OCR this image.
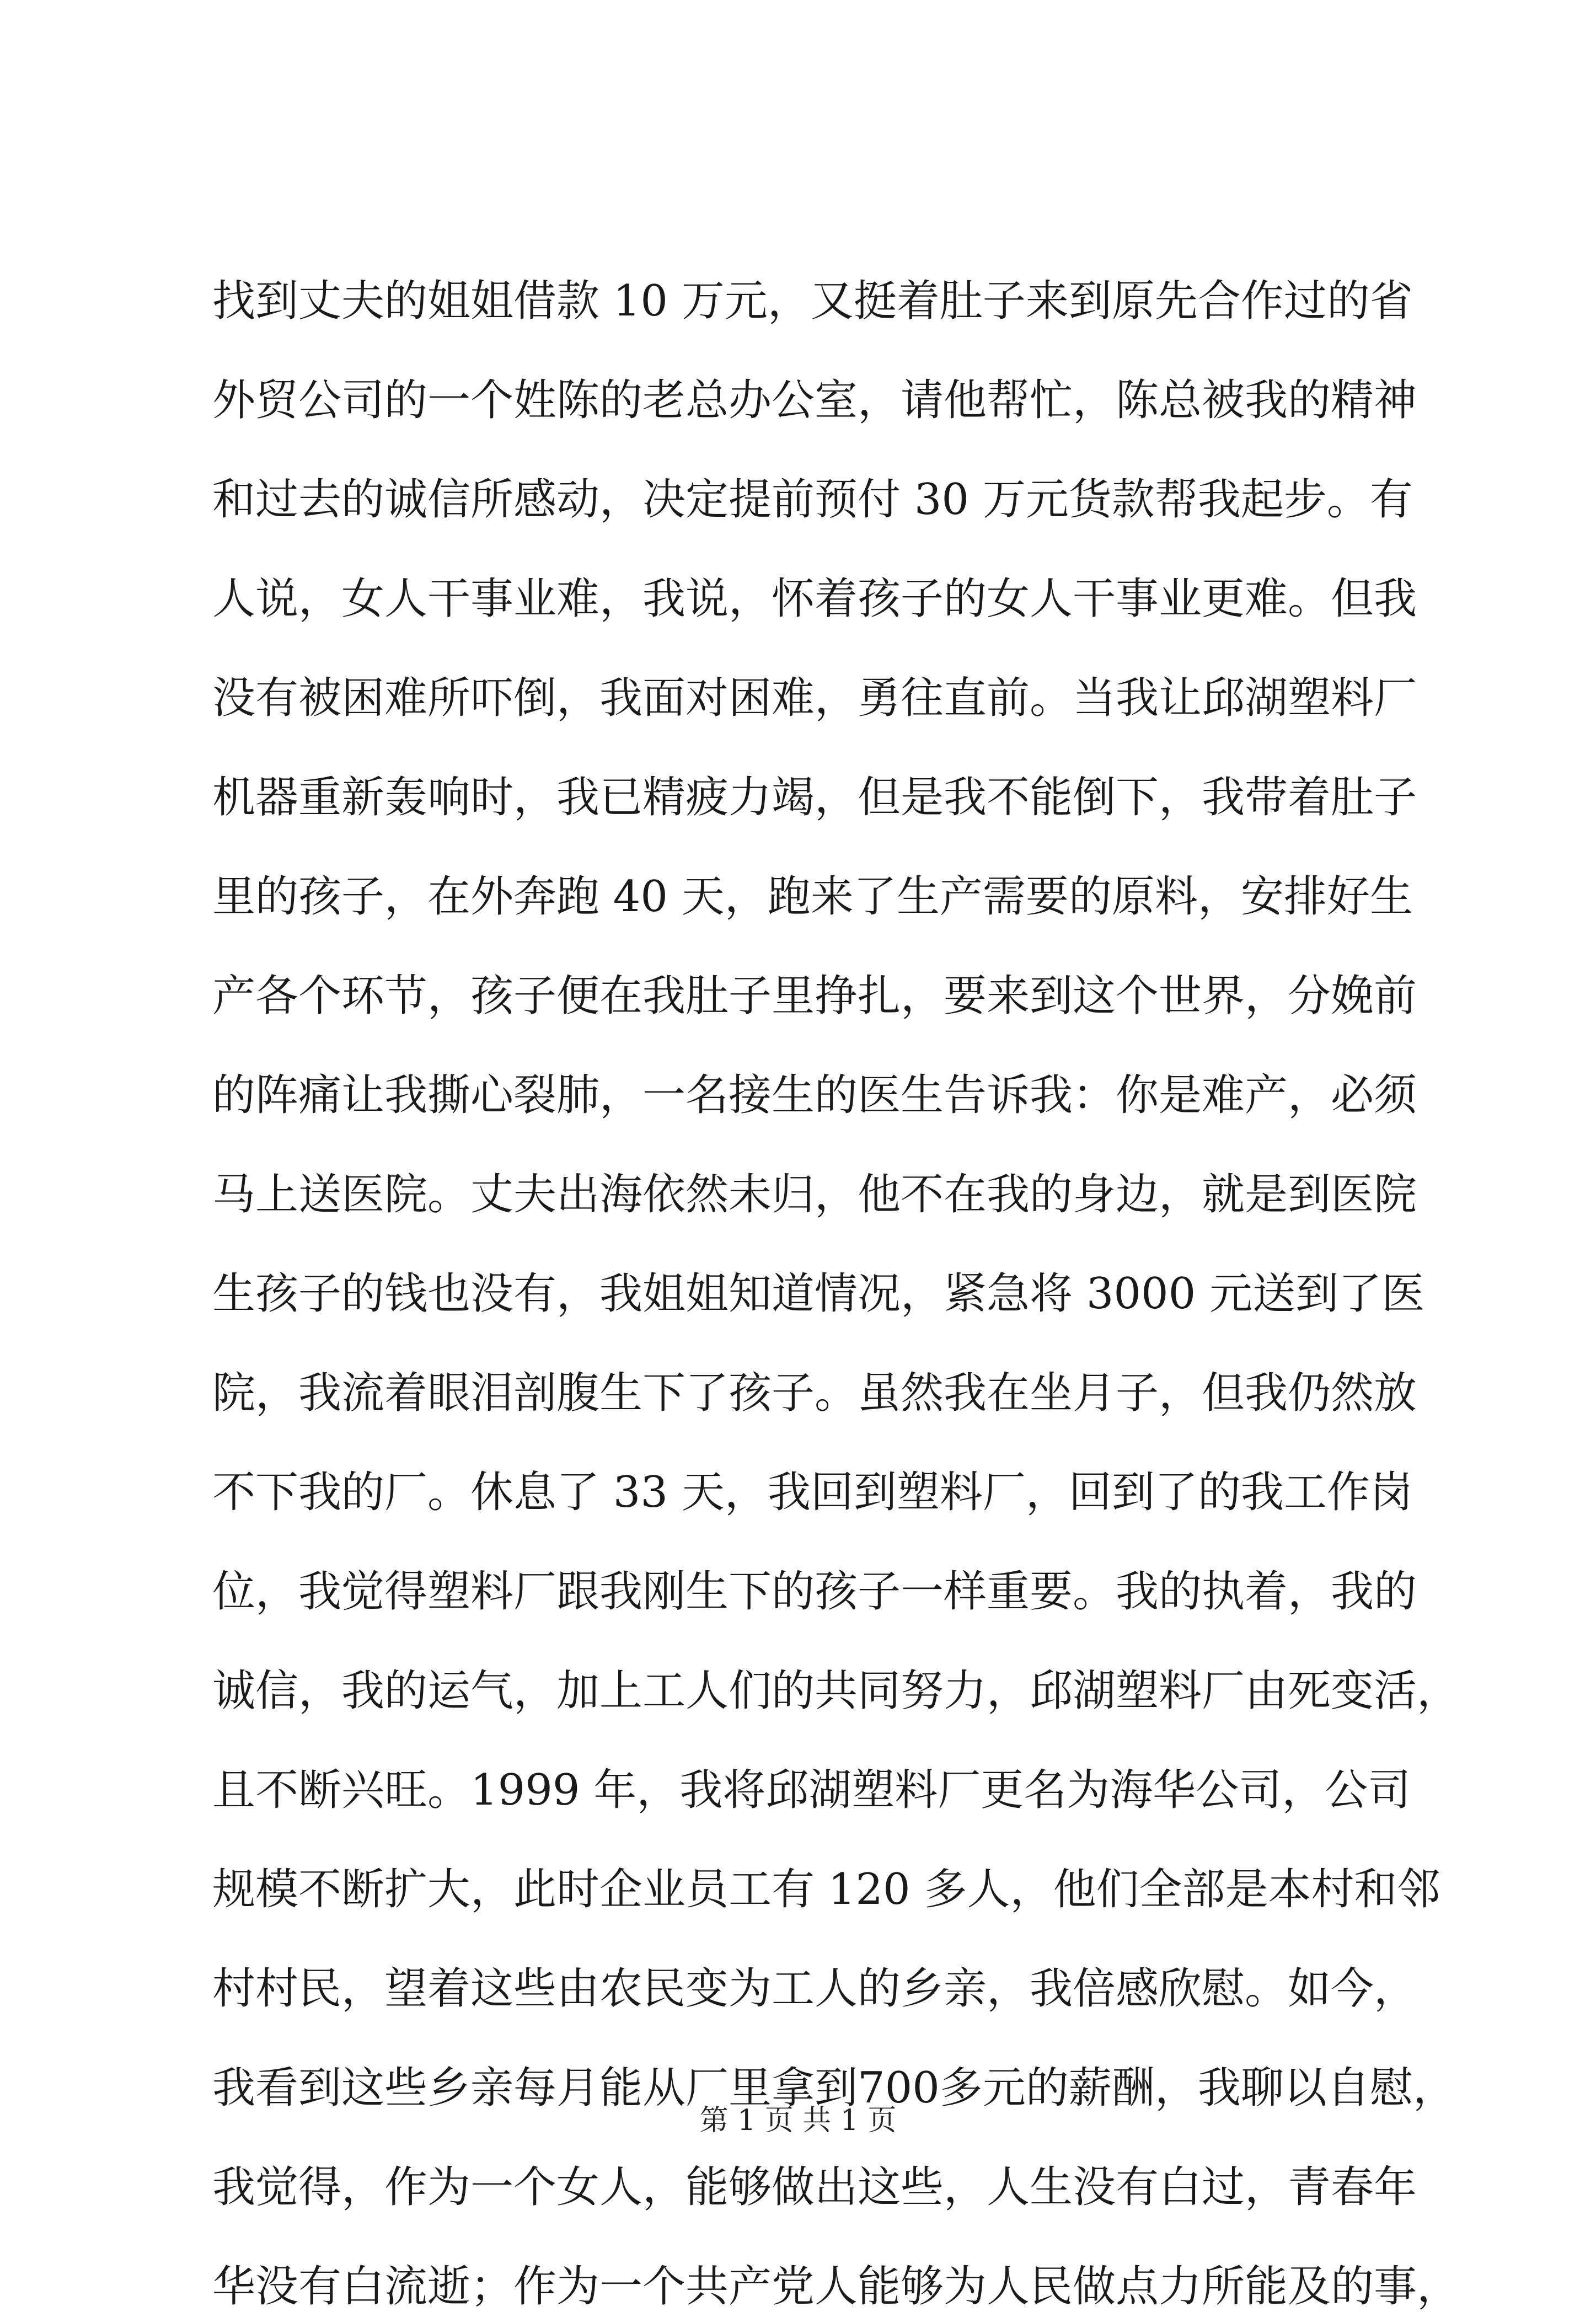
找到丈夫的姐姐借款 10 万元，又挺着肚子来到原先合作过的省
外贸公司的一个姓陈的老总办公室，请他帮忙，陈总被我的精神
和过去的诚信所感动，决定提前预付 30 万元货款帮我起步。有
人说，女人干事业难，我说，怀着孩子的女人干事业更难。但我
没有被困难所吓倒，我面对困难，勇往直前。当我让邱湖塑料厂
机器重新轰响时，我已精疲力竭，但是我不能倒下，我带着肚子
里的孩子，在外奔跑 40 天，跑来了生产需要的原料，安排好生
产各个环节，孩子便在我肚子里挣扎，要来到这个世界，分娩前
的阵痛让我撕心裂肺，一名接生的医生告诉我：你是难产，必须
马上送医院。丈夫出海依然未归，他不在我的身边，就是到医院
生孩子的钱也没有，我姐姐知道情况，紧急将 3000 元送到了医
院，我流着眼泪剖腹生下了孩子。虽然我在坐月子，但我仍然放
不下我的厂。休息了 33 天，我回到塑料厂，回到了的我工作岗
位，我觉得塑料厂跟我刚生下的孩子一样重要。我的执着，我的
诚信，我的运气，加上工人们的共同努力，邱湖塑料厂由死变活，
且不断兴旺。1999 年，我将邱湖塑料厂更名为海华公司，公司
规模不断扩大，此时企业员工有 120 多人，他们全部是本村和邻
村村民，望着这些由农民变为工人的乡亲，我倍感欣慰。如今，
我看到这些乡亲每月能从厂里拿到700多元的薪酬，我聊以自慰，
我觉得，作为一个女人，能够做出这些，人生没有白过，青春年
华没有白流逝；作为一个共产党人能够为人民做点力所能及的事，
第 1 页 共 1 页
